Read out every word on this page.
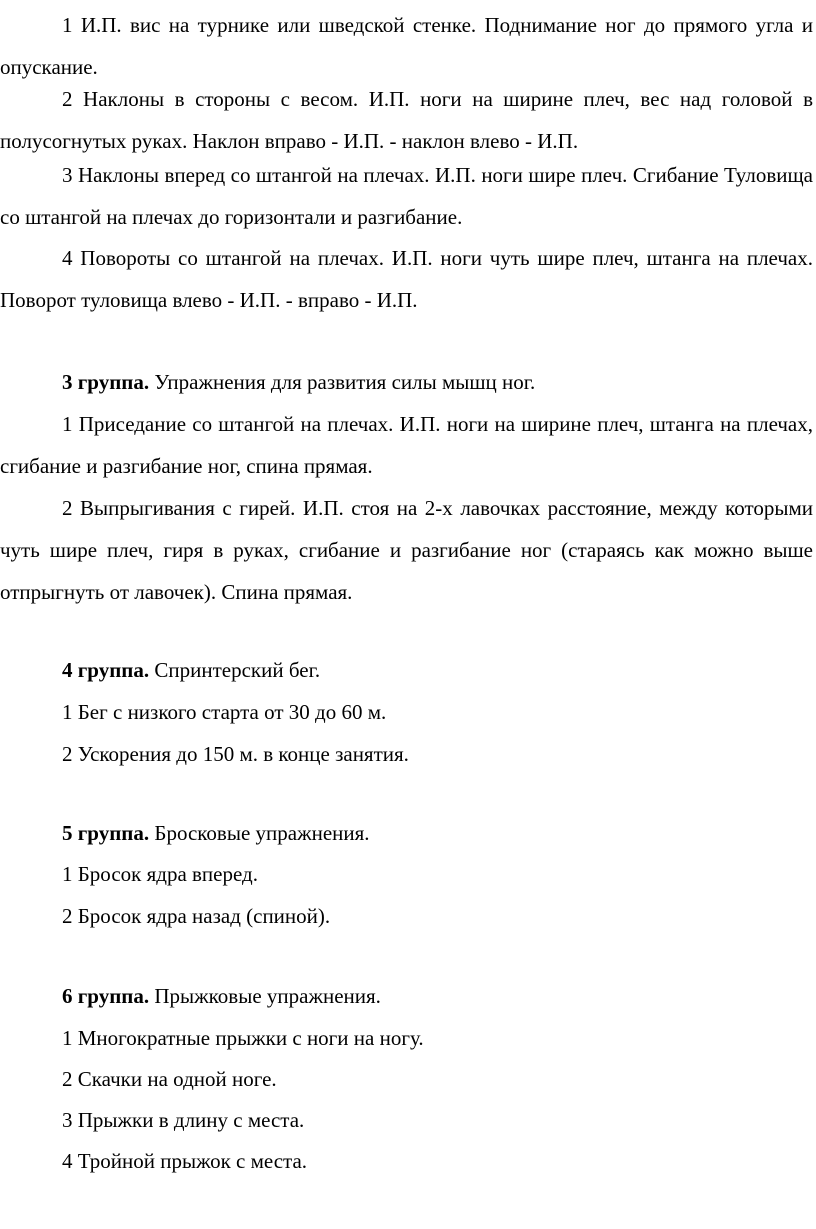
1 И.П. вис на турнике или шведской стенке. Поднимание ног до прямого угла и опускание.

2 Наклоны в стороны с весом. И.П. ноги на ширине плеч, вес над головой в полусогнутых руках. Наклон вправо - И.П. - наклон влево - И.П.

3 Наклоны вперед со штангой на плечах. И.П. ноги шире плеч. Сгибание Туловища со штангой на плечах до горизонтали и разгибание.

4 Повороты со штангой на плечах. И.П. ноги чуть шире плеч, штанга на плечах. Поворот туловища влево - И.П. - вправо - И.П.

3 группа. Упражнения для развития силы мышц ног.

1 Приседание со штангой на плечах. И.П. ноги на ширине плеч, штанга на плечах, сгибание и разгибание ног, спина прямая.

2 Выпрыгивания с гирей. И.П. стоя на 2-х лавочках расстояние, между которыми чуть шире плеч, гиря в руках, сгибание и разгибание ног (стараясь как можно выше отпрыгнуть от лавочек). Спина прямая.

4 группа. Спринтерский бег.

1 Бег с низкого старта от 30 до 60 м.

2 Ускорения до 150 м. в конце занятия.

5 группа. Бросковые упражнения.

1 Бросок ядра вперед.

2 Бросок ядра назад (спиной).

6 группа. Прыжковые упражнения.

1 Многократные прыжки с ноги на ногу.

2 Скачки на одной ноге.

3 Прыжки в длину с места.

4 Тройной прыжок с места.
